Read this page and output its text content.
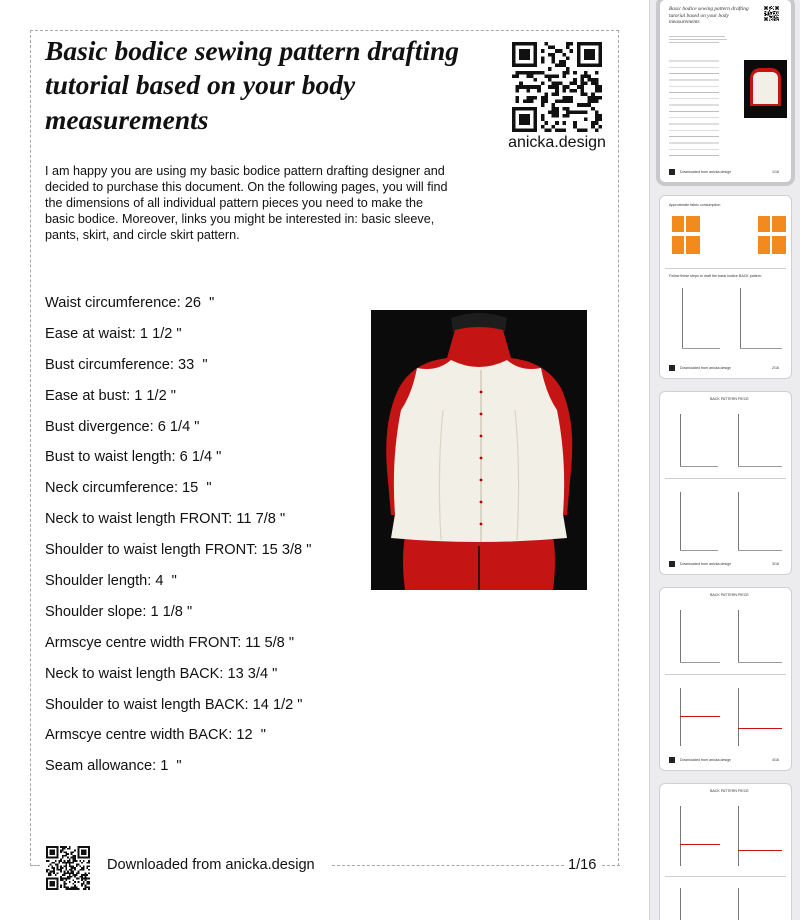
Basic bodice sewing pattern drafting tutorial based on your body measurements
anicka.design

I am happy you are using my basic bodice pattern drafting designer and decided to purchase this document. On the following pages, you will find the dimensions of all individual pattern pieces you need to make the basic bodice. Moreover, links you might be interested in: basic sleeve, pants, skirt, and circle skirt pattern.

Waist circumference: 26  "
Ease at waist: 1 1/2 "
Bust circumference: 33  "
Ease at bust: 1 1/2 "
Bust divergence: 6 1/4 "
Bust to waist length: 6 1/4 "
Neck circumference: 15  "
Neck to waist length FRONT: 11 7/8 "
Shoulder to waist length FRONT: 15 3/8 "
Shoulder length: 4  "
Shoulder slope: 1 1/8 "
Armscye centre width FRONT: 11 5/8 "
Neck to waist length BACK: 13 3/4 "
Shoulder to waist length BACK: 14 1/2 "
Armscye centre width BACK: 12  "
Seam allowance: 1  "
Downloaded from anicka.design	1/16
Basic bodice sewing pattern drafting tutorial based on your body measurements
Downloaded from anicka.design	1/16
Approximate fabric consumption
Follow these steps to draft the basic bodice BACK pattern:
Downloaded from anicka.design	2/16
BACK PATTERN PIECE
Downloaded from anicka.design	3/16
BACK PATTERN PIECE
Downloaded from anicka.design	4/16
BACK PATTERN PIECE
